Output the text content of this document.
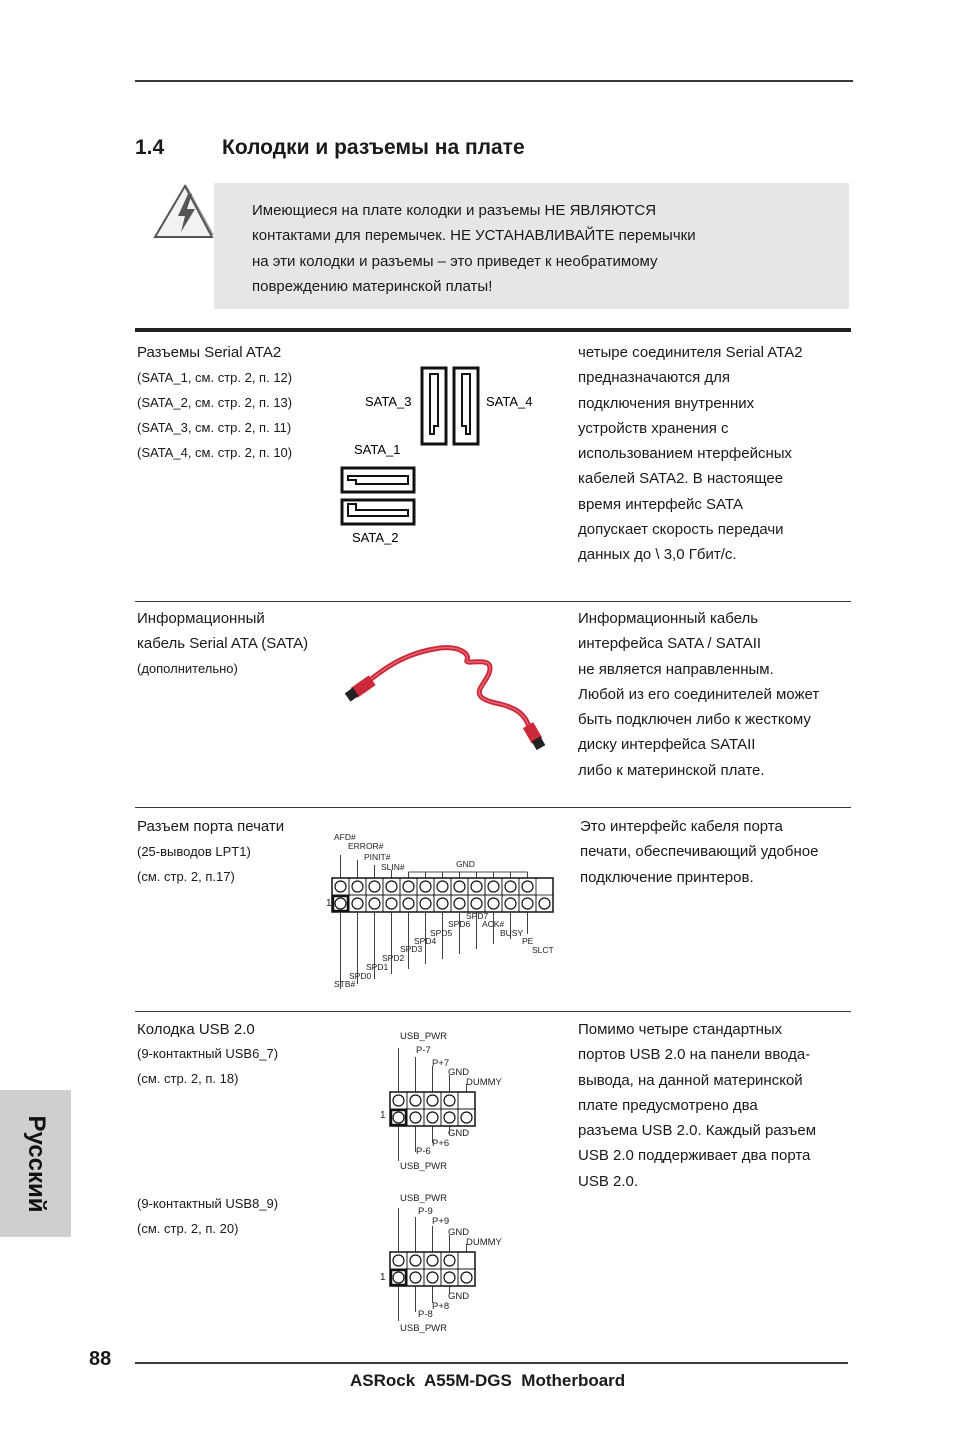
1.4	Колодки и разъемы на плате
Имеющиеся на плате колодки и разъемы НЕ ЯВЛЯЮТСЯ
контактами для перемычек. НЕ УСТАНАВЛИВАЙТЕ перемычки
на эти колодки и разъемы – это приведет к необратимому
повреждению материнской платы!
Разъемы Serial ATA2
(SATA_1, см. стр. 2, п. 12)
(SATA_2, см. стр. 2, п. 13)
(SATA_3, см. стр. 2, п. 11)
(SATA_4, см. стр. 2, п. 10)
четыре соединителя Serial ATA2
предназначаются для
подключения внутренних
устройств хранения с
использованием нтерфейсных
кабелей SATA2. В настоящее
время интерфейс SATA
допускает скорость передачи
данных до \ 3,0 Гбит/с.
SATA_3	SATA_4
SATA_1
SATA_2
Информационный
кабель Serial ATA (SATA)
(дополнительно)
Информационный кабель
интерфейса SATA / SATAII
не является направленным.
Любой из его соединителей может
быть подключен либо к жесткому
диску интерфейса SATAII
либо к материнской плате.
Разъем порта печати
(25-выводов LPT1)
(см. стр. 2, п.17)
Это интерфейс кабеля порта
печати, обеспечивающий удобное
подключение принтеров.
AFD#
ERROR#
PINIT#
SLIN#	GND
SPD7
SPD6 ACK#
SPD5	BUSY
SPD4	PE
SPD3	SLCT
SPD2
SPD1
SPD0
STB#
1
Колодка USB 2.0
(9-контактный USB6_7)
(см. стр. 2, п. 18)
(9-контактный USB8_9)
(см. стр. 2, п. 20)
Помимо четыре стандартных
портов USB 2.0 на панели ввода-
вывода, на данной материнской
плате предусмотрено два
разъема USB 2.0. Каждый разъем
USB 2.0 поддерживает два порта
USB 2.0.
USB_PWR
P-7
P+7
GND
DUMMY
GND
P+6
P-6
USB_PWR
1
USB_PWR
P-9
P+9
GND
DUMMY
GND
P+8
P-8
USB_PWR
1
Русский
88
ASRock  A55M-DGS  Motherboard
